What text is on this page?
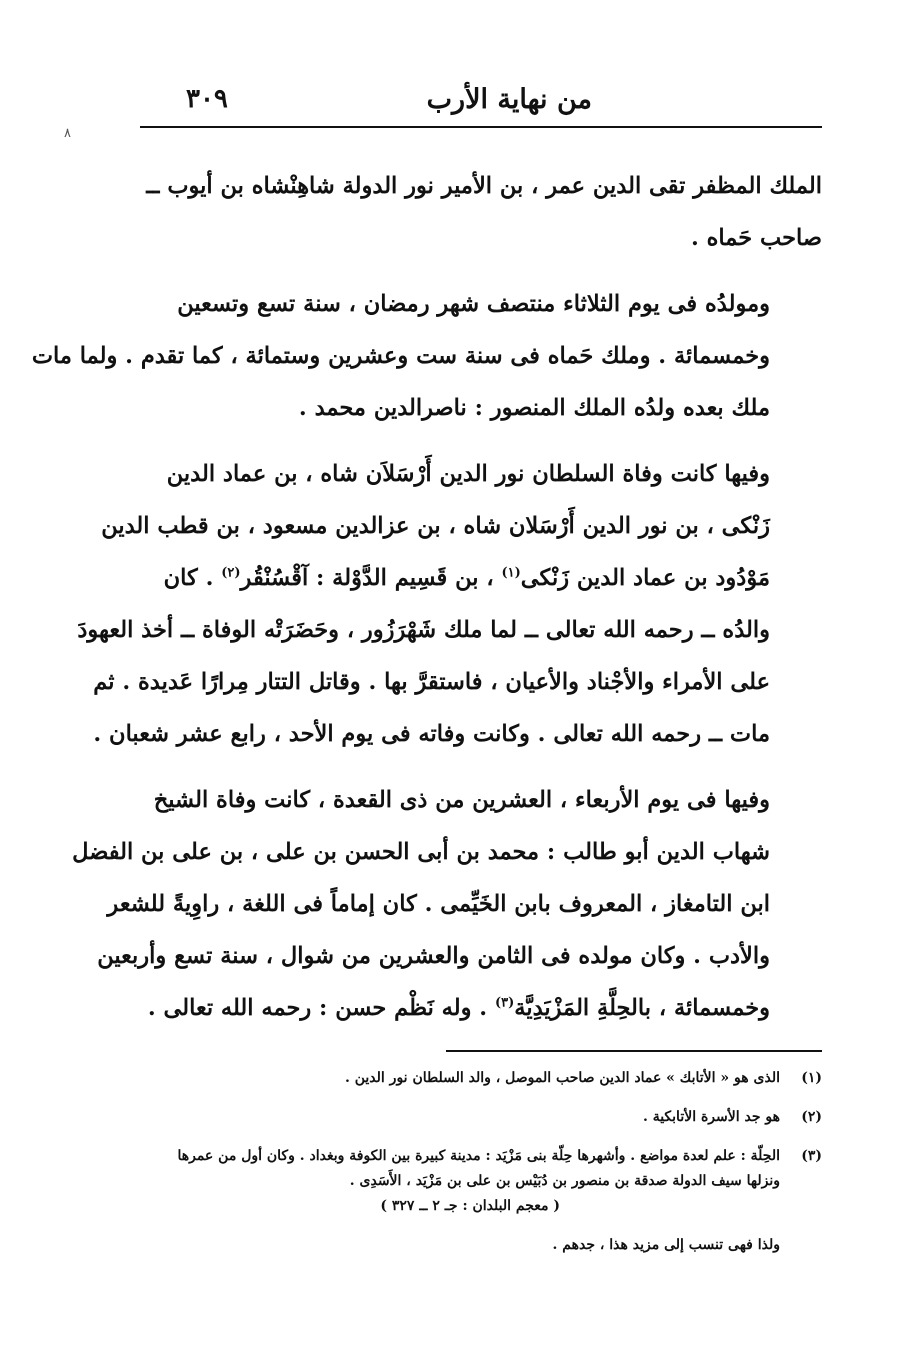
من نهاية الأرب
٣٠٩
٨

الملك المظفر تقى الدين عمر ، بن الأمير نور الدولة شاهِنْشاه بن أيوب ــ
صاحب حَماه .

ومولدُه فى يوم الثلاثاء منتصف شهر رمضان ، سنة تسع وتسعين
وخمسمائة . وملك حَماه فى سنة ست وعشرين وستمائة ، كما تقدم . ولما مات
ملك بعده ولدُه الملك المنصور : ناصرالدين محمد .

وفيها كانت وفاة السلطان نور الدين أَرْسَلاَن شاه ، بن عماد الدين
زَنْكى ، بن نور الدين أَرْسَلان شاه ، بن عزالدين مسعود ، بن قطب الدين
مَوْدُود بن عماد الدين زَنْكى$^{(١)}$ ، بن قَسِيم الدَّوْلة : آقْسُنْقُر$^{(٢)}$ . كان
والدُه ــ رحمه الله تعالى ــ لما ملك شَهْرَزُور ، وحَضَرَتْه الوفاة ــ أخذ العهودَ
على الأمراء والأجْناد والأعيان ، فاستقرَّ بها . وقاتل التتار مِرارًا عَديدة . ثم
مات ــ رحمه الله تعالى . وكانت وفاته فى يوم الأحد ، رابع عشر شعبان .

وفيها فى يوم الأربعاء ، العشرين من ذى القعدة ، كانت وفاة الشيخ
شهاب الدين أبو طالب : محمد بن أبى الحسن بن على ، بن على بن الفضل
ابن التامغاز ، المعروف بابن الخَيِّمى . كان إماماً فى اللغة ، راوِيةً للشعر
والأدب . وكان مولده فى الثامن والعشرين من شوال ، سنة تسع وأربعين
وخمسمائة ، بالحِلَّةِ المَزْيَدِيَّة$^{(٣)}$ . وله نَظْم حسن : رحمه الله تعالى .

(١)
الذى هو « الأتابك » عماد الدين صاحب الموصل ، والد السلطان نور الدين .
(٢)
هو جد الأسرة الأتابكية .
(٣)
الحِلّة : علم لعدة مواضع . وأشهرها حِلّة بنى مَزْيَد : مدينة كبيرة بين الكوفة وبغداد . وكان أول من عمرها
ونزلها سيف الدولة صدقة بن منصور بن دُبَيْس بن على بن مَزْيَد ، الأَسَدِى .
( معجم البلدان : جـ ٢ ــ ٣٢٧ )
ولذا فهى تنسب إلى مزيد هذا ، جدهم .
